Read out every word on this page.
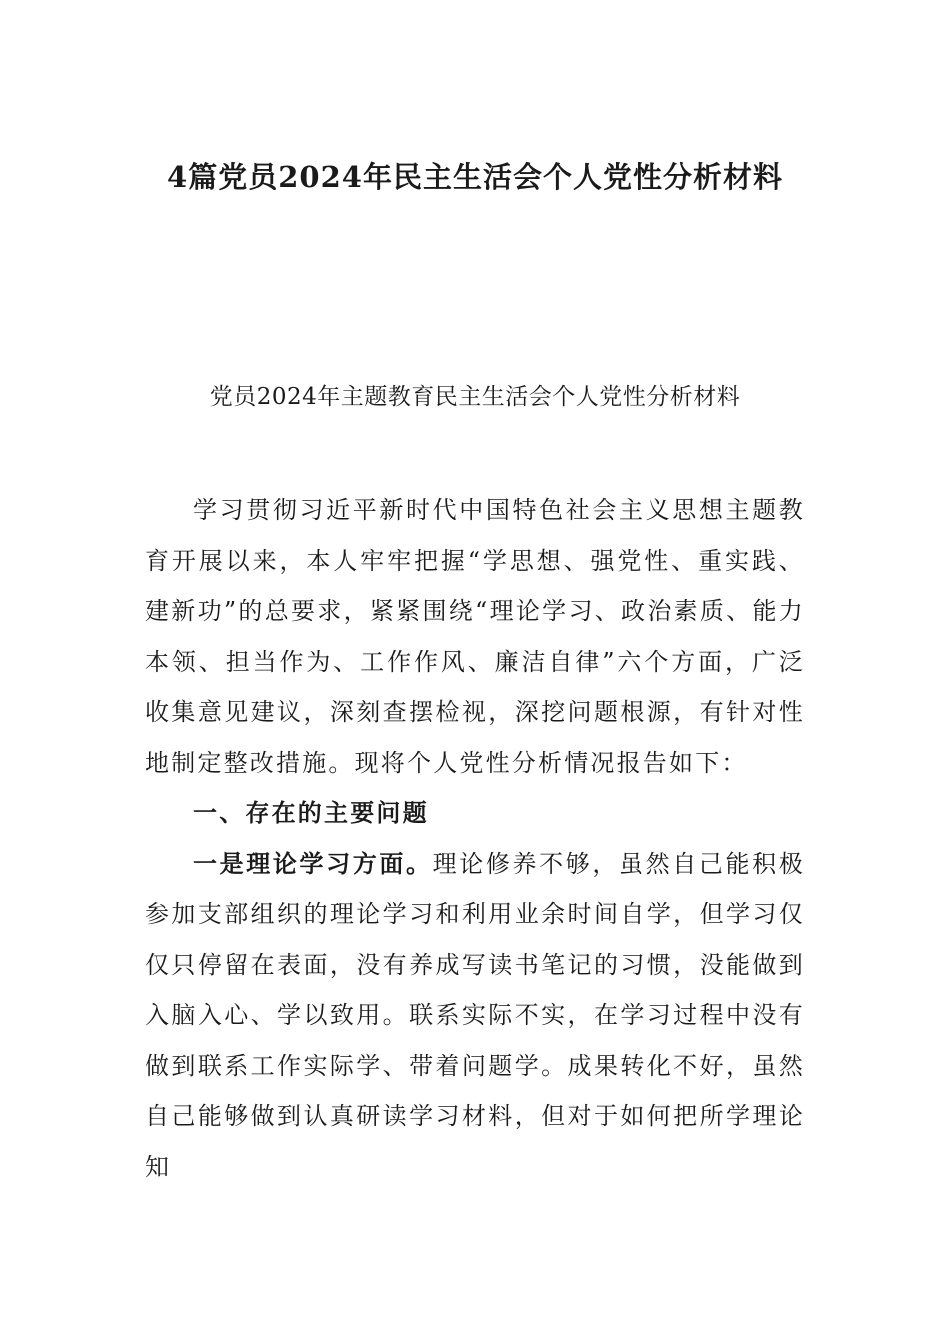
4篇党员2024年民主生活会个人党性分析材料
党员2024年主题教育民主生活会个人党性分析材料

学习贯彻习近平新时代中国特色社会主义思想主题教育开展以来，本人牢牢把握“学思想、强党性、重实践、建新功”的总要求，紧紧围绕“理论学习、政治素质、能力本领、担当作为、工作作风、廉洁自律”六个方面，广泛收集意见建议，深刻查摆检视，深挖问题根源，有针对性地制定整改措施。现将个人党性分析情况报告如下：

一、存在的主要问题

一是理论学习方面。理论修养不够，虽然自己能积极参加支部组织的理论学习和利用业余时间自学，但学习仅仅只停留在表面，没有养成写读书笔记的习惯，没能做到入脑入心、学以致用。联系实际不实，在学习过程中没有做到联系工作实际学、带着问题学。成果转化不好，虽然自己能够做到认真研读学习材料，但对于如何把所学理论知
